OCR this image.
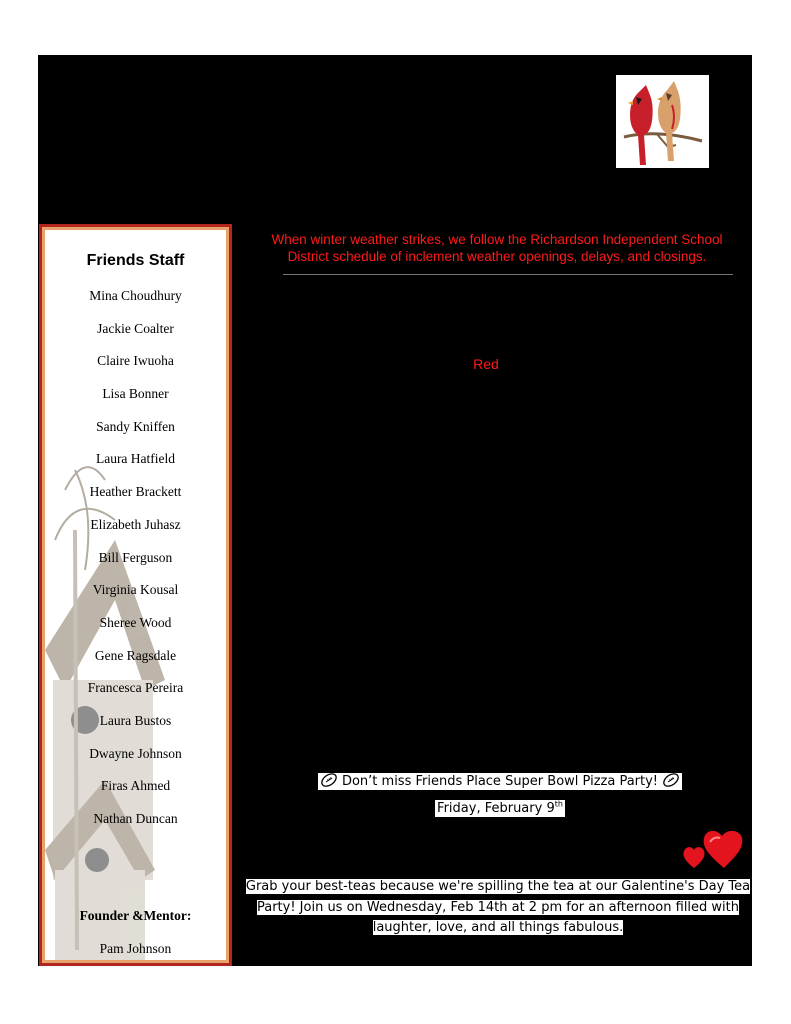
Friends Staff
Mina Choudhury
Jackie Coalter
Claire Iwuoha
Lisa Bonner
Sandy Kniffen
Laura Hatfield
Heather Brackett
Elizabeth Juhasz
Bill Ferguson
Virginia Kousal
Sheree Wood
Gene Ragsdale
Francesca Pereira
Laura Bustos
Dwayne Johnson
Firas Ahmed
Nathan Duncan
Founder &Mentor:
Pam Johnson
When winter weather strikes, we follow the Richardson Independent School District schedule of inclement weather openings, delays, and closings.
Red
Don’t miss Friends Place Super Bowl Pizza Party!
Friday, February 9th
Grab your best-teas because we're spilling the tea at our Galentine's Day Tea Party! Join us on Wednesday, Feb 14th at 2 pm for an afternoon filled with laughter, love, and all things fabulous.
